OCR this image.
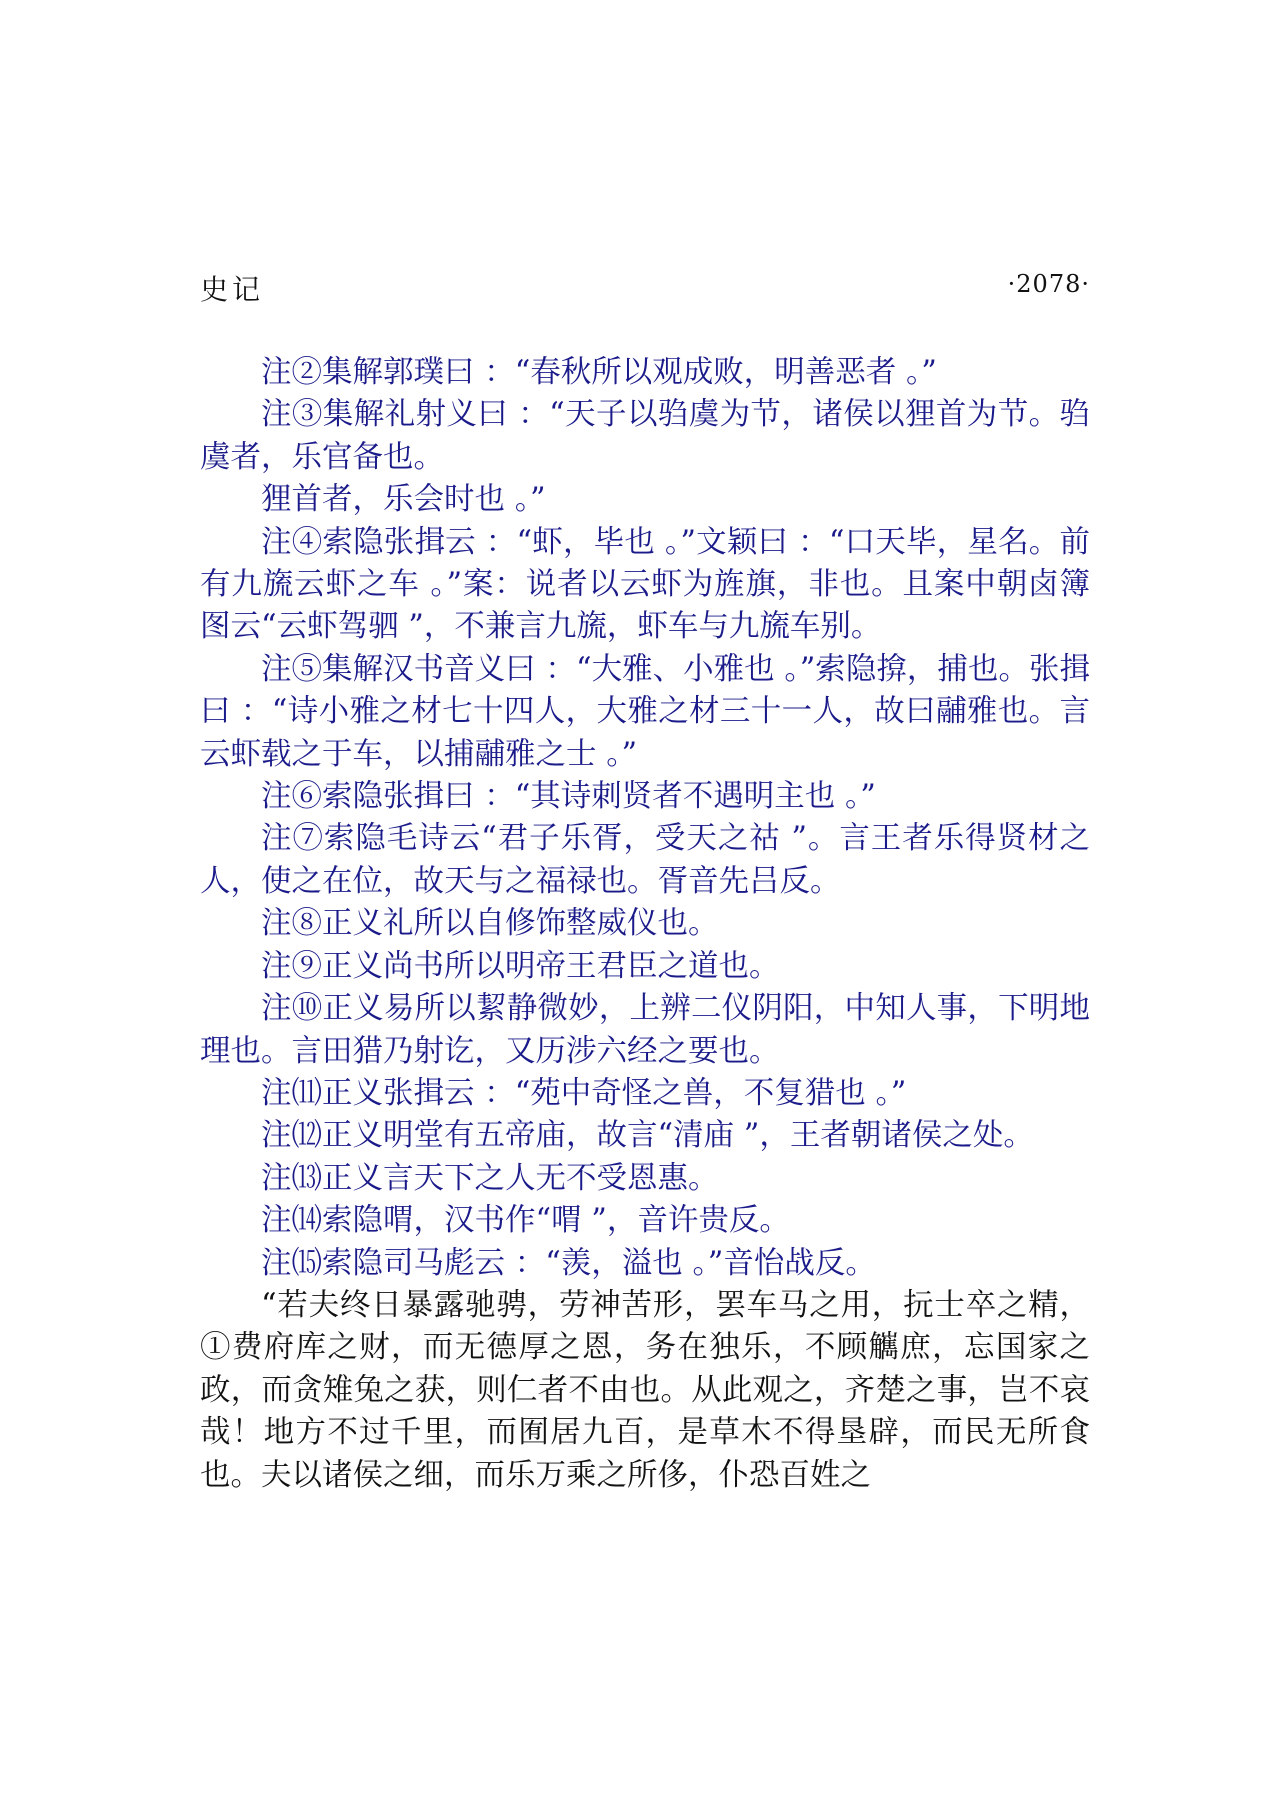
史记	·2078·

注②集解郭璞曰 ：“春秋所以观成败，明善恶者 。”

注③集解礼射义曰 ：“天子以驺虞为节，诸侯以狸首为节。驺虞者，乐官备也。

狸首者，乐会时也 。”

注④索隐张揖云 ：“虾，毕也 。”文颖曰 ：“口天毕，星名。前有九旒云虾之车 。”案：说者以云虾为旌旗，非也。且案中朝卤簿图云“云虾驾驷 ”，不兼言九旒，虾车与九旒车别。

注⑤集解汉书音义曰 ：“大雅、小雅也 。”索隐揜，捕也。张揖曰 ：“诗小雅之材七十四人，大雅之材三十一人，故曰鬴雅也。言云虾载之于车，以捕鬴雅之士 。”

注⑥索隐张揖曰 ：“其诗刺贤者不遇明主也 。”

注⑦索隐毛诗云“君子乐胥，受天之祜 ”。言王者乐得贤材之人，使之在位，故天与之福禄也。胥音先吕反。

注⑧正义礼所以自修饰整威仪也。

注⑨正义尚书所以明帝王君臣之道也。

注⑩正义易所以絜静微妙，上辨二仪阴阳，中知人事，下明地理也。言田猎乃射讫，又历涉六经之要也。

注⑾正义张揖云 ：“苑中奇怪之兽，不复猎也 。”

注⑿正义明堂有五帝庙，故言“清庙 ”，王者朝诸侯之处。

注⒀正义言天下之人无不受恩惠。

注⒁索隐喟，汉书作“喟 ”，音许贵反。

注⒂索隐司马彪云 ：“羡，溢也 。”音怡战反。

“若夫终日暴露驰骋，劳神苦形，罢车马之用，抏士卒之精，①费府库之财，而无德厚之恩，务在独乐，不顾觽庶，忘国家之政，而贪雉兔之获，则仁者不由也。从此观之，齐楚之事，岂不哀哉！地方不过千里，而囿居九百，是草木不得垦辟，而民无所食也。夫以诸侯之细，而乐万乘之所侈，仆恐百姓之
